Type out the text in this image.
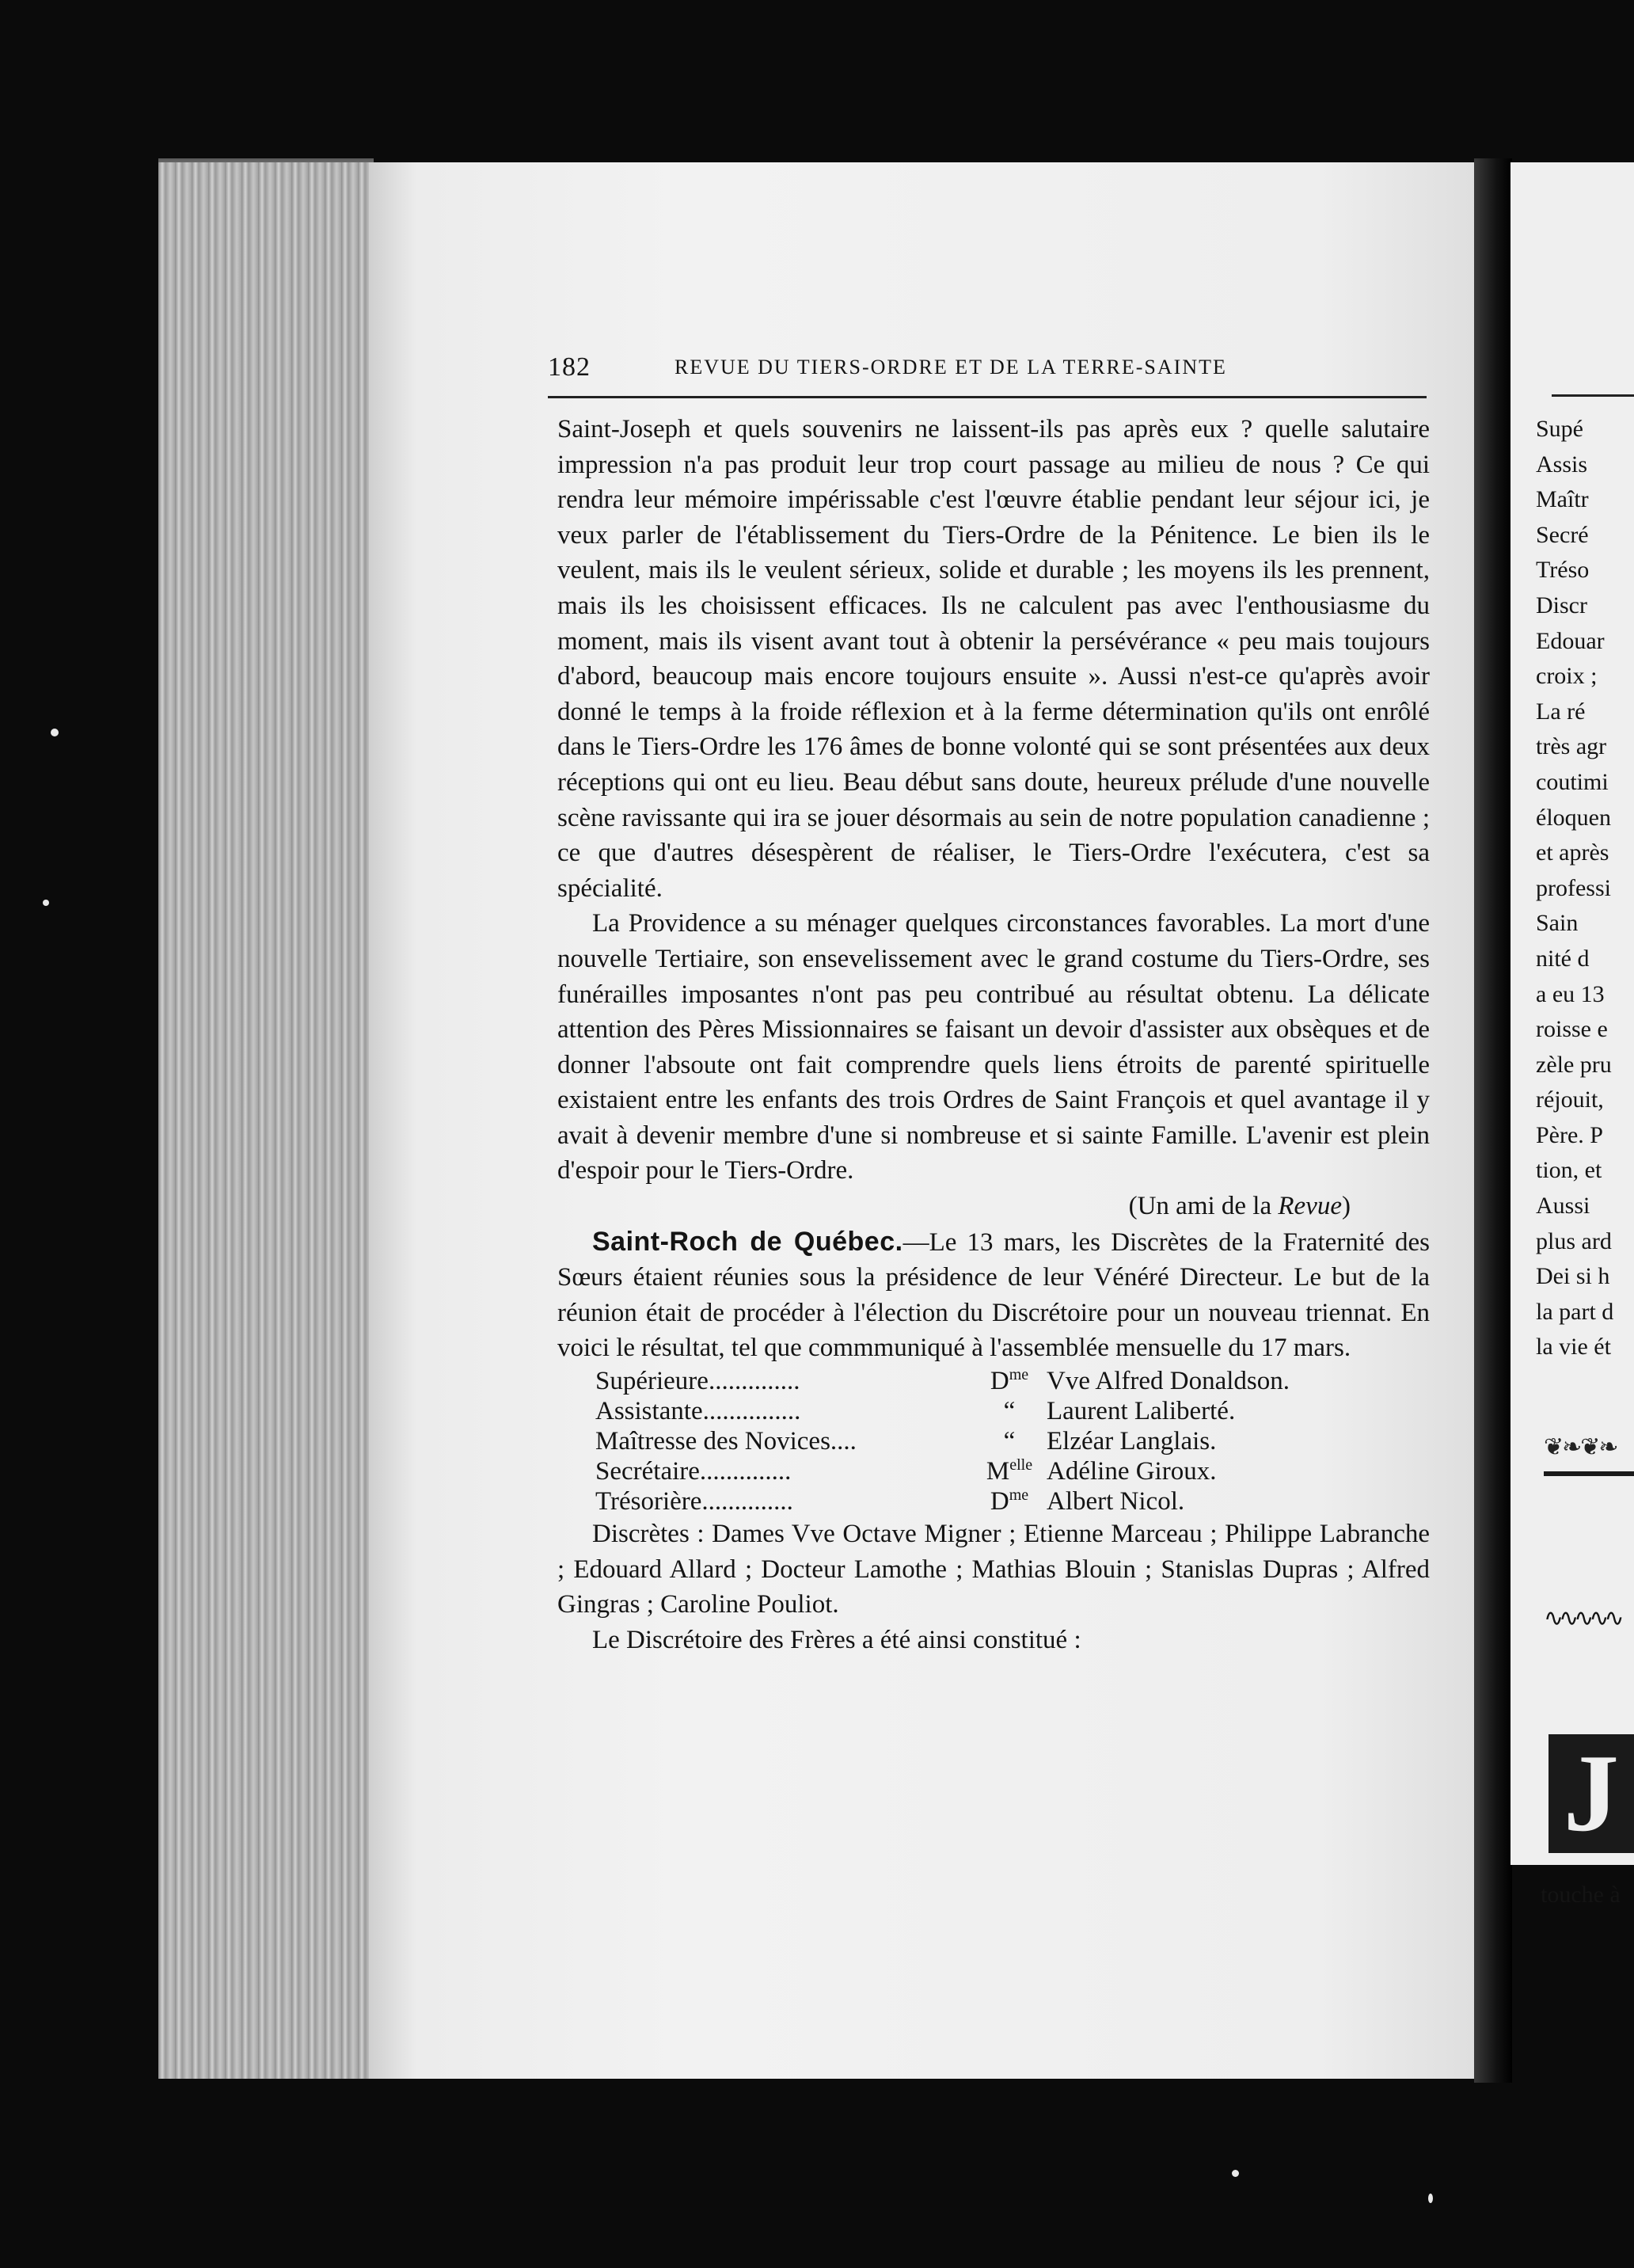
182	REVUE DU TIERS-ORDRE ET DE LA TERRE-SAINTE

Saint-Joseph et quels souvenirs ne laissent-ils pas après eux ? quelle salutaire impression n'a pas produit leur trop court passage au milieu de nous ? Ce qui rendra leur mémoire impérissable c'est l'œuvre établie pendant leur séjour ici, je veux parler de l'établissement du Tiers-Ordre de la Pénitence. Le bien ils le veulent, mais ils le veulent sérieux, solide et durable ; les moyens ils les prennent, mais ils les choisissent efficaces. Ils ne calculent pas avec l'enthousiasme du moment, mais ils visent avant tout à obtenir la persévérance « peu mais toujours d'abord, beaucoup mais encore toujours ensuite ». Aussi n'est-ce qu'après avoir donné le temps à la froide réflexion et à la ferme détermination qu'ils ont enrôlé dans le Tiers-Ordre les 176 âmes de bonne volonté qui se sont présentées aux deux réceptions qui ont eu lieu. Beau début sans doute, heureux prélude d'une nouvelle scène ravissante qui ira se jouer désormais au sein de notre population canadienne ; ce que d'autres désespèrent de réaliser, le Tiers-Ordre l'exécutera, c'est sa spécialité.

La Providence a su ménager quelques circonstances favorables. La mort d'une nouvelle Tertiaire, son ensevelissement avec le grand costume du Tiers-Ordre, ses funérailles imposantes n'ont pas peu contribué au résultat obtenu. La délicate attention des Pères Missionnaires se faisant un devoir d'assister aux obsèques et de donner l'absoute ont fait comprendre quels liens étroits de parenté spirituelle existaient entre les enfants des trois Ordres de Saint François et quel avantage il y avait à devenir membre d'une si nombreuse et si sainte Famille. L'avenir est plein d'espoir pour le Tiers-Ordre.

(Un ami de la Revue)

Saint-Roch de Québec.—Le 13 mars, les Discrètes de la Fraternité des Sœurs étaient réunies sous la présidence de leur Vénéré Directeur. Le but de la réunion était de procéder à l'élection du Discrétoire pour un nouveau triennat. En voici le résultat, tel que commmuniqué à l'assemblée mensuelle du 17 mars.

Supérieure..............	$D^{me}$	Vve Alfred Donaldson.
Assistante...............	“	Laurent Laliberté.
Maîtresse des Novices....	“	Elzéar Langlais.
Secrétaire..............	$M^{elle}$	Adéline Giroux.
Trésorière..............	$D^{me}$	Albert Nicol.

Discrètes : Dames Vve Octave Migner ; Etienne Marceau ; Philippe Labranche ; Edouard Allard ; Docteur Lamothe ; Mathias Blouin ; Stanislas Dupras ; Alfred Gingras ; Caroline Pouliot.

Le Discrétoire des Frères a été ainsi constitué :

Supé
Assis
Maîtr
Secré
Tréso
Discr
Edouar
croix ;
La ré
très agr
coutimi
éloquen
et après
professi
Sain
nité d
a eu 13
roisse e
zèle pru
réjouit,
Père. P
tion, et
Aussi
plus ard
Dei si h
la part d
la vie ét
❦❧❦❧
∿∿∿∿∿
J
touche à
